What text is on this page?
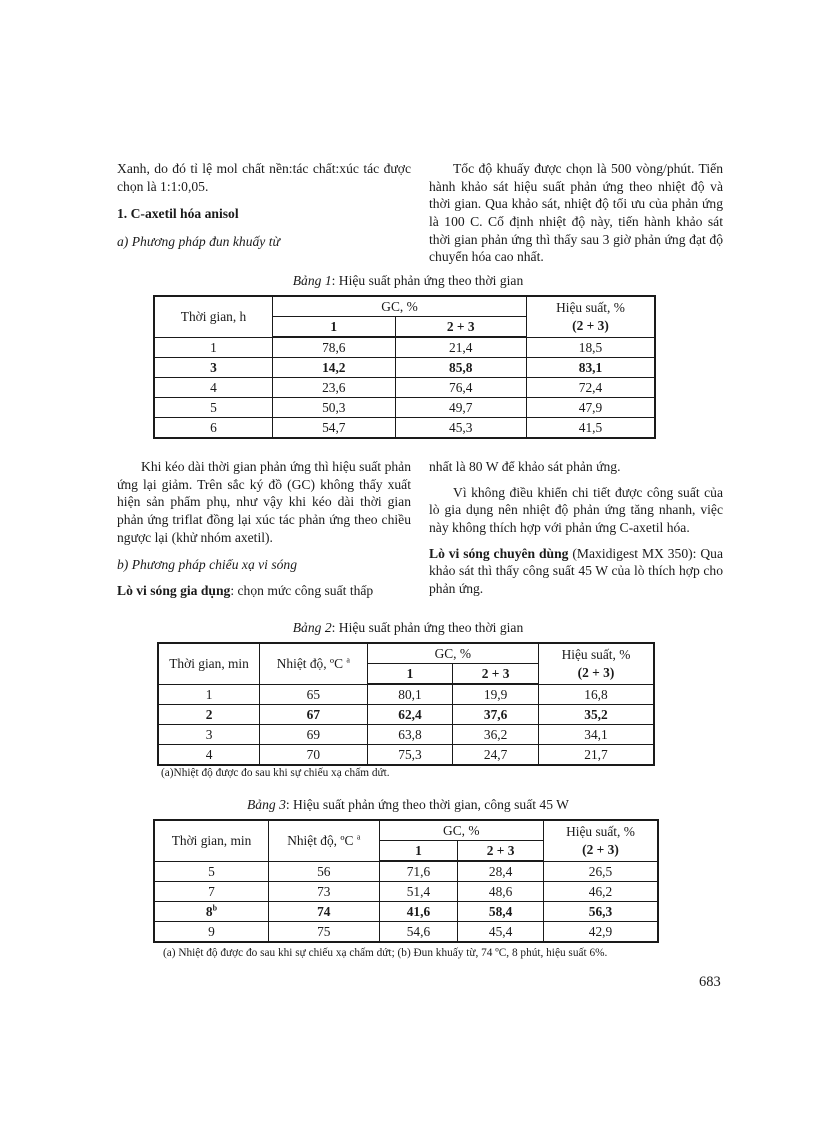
Xanh, do đó tỉ lệ mol chất nền:tác chất:xúc tác được chọn là 1:1:0,05.

1. C-axetil hóa anisol

a) Phương pháp đun khuấy từ

Tốc độ khuấy được chọn là 500 vòng/phút. Tiến hành khảo sát hiệu suất phản ứng theo nhiệt độ và thời gian. Qua khảo sát, nhiệt độ tối ưu của phản ứng là 100 C. Cố định nhiệt độ này, tiến hành khảo sát thời gian phản ứng thì thấy sau 3 giờ phản ứng đạt độ chuyển hóa cao nhất.

Bảng 1: Hiệu suất phản ứng theo thời gian
Thời gian, h	GC, %		Hiệu suất, %
(2 + 3)
	1	2 + 3	
1	78,6	21,4	18,5
3	14,2	85,8	83,1
4	23,6	76,4	72,4
5	50,3	49,7	47,9
6	54,7	45,3	41,5

Khi kéo dài thời gian phản ứng thì hiệu suất phản ứng lại giảm. Trên sắc ký đồ (GC) không thấy xuất hiện sản phẩm phụ, như vậy khi kéo dài thời gian phản ứng triflat đồng lại xúc tác phản ứng theo chiều ngược lại (khử nhóm axetil).

b) Phương pháp chiếu xạ vi sóng

Lò vi sóng gia dụng: chọn mức công suất thấp

nhất là 80 W để khảo sát phản ứng.

Vì không điều khiển chi tiết được công suất của lò gia dụng nên nhiệt độ phản ứng tăng nhanh, việc này không thích hợp với phản ứng C-axetil hóa.

Lò vi sóng chuyên dùng (Maxidigest MX 350): Qua khảo sát thì thấy công suất 45 W của lò thích hợp cho phản ứng.

Bảng 2: Hiệu suất phản ứng theo thời gian
Thời gian, min	Nhiệt độ, ºC $^a$	GC, %		Hiệu suất, %
(2 + 3)
		1	2 + 3	
1	65	80,1	19,9	16,8
2	67	62,4	37,6	35,2
3	69	63,8	36,2	34,1
4	70	75,3	24,7	21,7
(a)Nhiệt độ được đo sau khi sự chiếu xạ chấm dứt.
Bảng 3: Hiệu suất phản ứng theo thời gian, công suất 45 W
Thời gian, min	Nhiệt độ, ºC $^a$	GC, %		Hiệu suất, %
(2 + 3)
		1	2 + 3	
5	56	71,6	28,4	26,5
7	73	51,4	48,6	46,2
8$^b$	74	41,6	58,4	56,3
9	75	54,6	45,4	42,9
(a) Nhiệt độ được đo sau khi sự chiếu xạ chấm dứt; (b) Đun khuấy từ, 74 ºC, 8 phút, hiệu suất 6%.
683
